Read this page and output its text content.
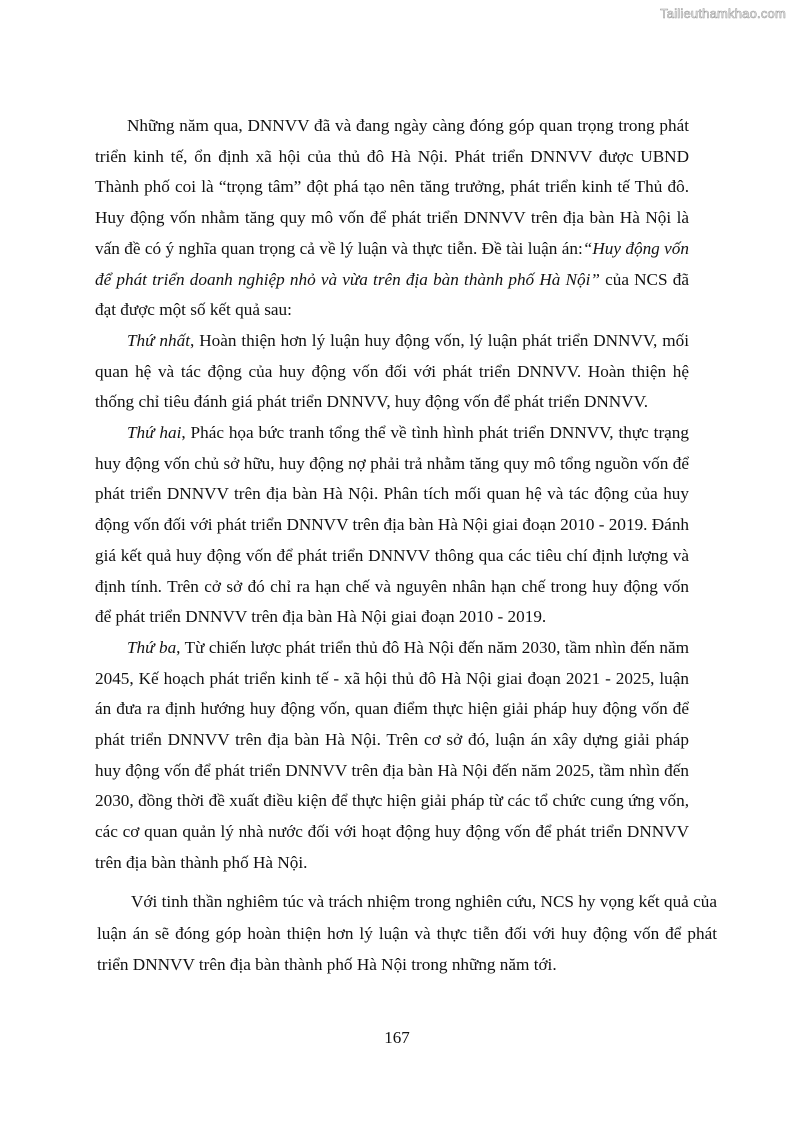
Tailieuthamkhao.com

Những năm qua, DNNVV đã và đang ngày càng đóng góp quan trọng trong phát triển kinh tế, ổn định xã hội của thủ đô Hà Nội. Phát triển DNNVV được UBND Thành phố coi là “trọng tâm” đột phá tạo nên tăng trưởng, phát triển kinh tế Thủ đô. Huy động vốn nhằm tăng quy mô vốn để phát triển DNNVV trên địa bàn Hà Nội là vấn đề có ý nghĩa quan trọng cả về lý luận và thực tiễn. Đề tài luận án:“Huy động vốn để phát triển doanh nghiệp nhỏ và vừa trên địa bàn thành phố Hà Nội” của NCS đã đạt được một số kết quả sau:

Thứ nhất, Hoàn thiện hơn lý luận huy động vốn, lý luận phát triển DNNVV, mối quan hệ và tác động của huy động vốn đối với phát triển DNNVV. Hoàn thiện hệ thống chỉ tiêu đánh giá phát triển DNNVV, huy động vốn để phát triển DNNVV.

Thứ hai, Phác họa bức tranh tổng thể về tình hình phát triển DNNVV, thực trạng huy động vốn chủ sở hữu, huy động nợ phải trả nhằm tăng quy mô tổng nguồn vốn để phát triển DNNVV trên địa bàn Hà Nội. Phân tích mối quan hệ và tác động của huy động vốn đối với phát triển DNNVV trên địa bàn Hà Nội giai đoạn 2010 - 2019. Đánh giá kết quả huy động vốn để phát triển DNNVV thông qua các tiêu chí định lượng và định tính. Trên cở sở đó chỉ ra hạn chế và nguyên nhân hạn chế trong huy động vốn để phát triển DNNVV trên địa bàn Hà Nội giai đoạn 2010 - 2019.

Thứ ba, Từ chiến lược phát triển thủ đô Hà Nội đến năm 2030, tầm nhìn đến năm 2045, Kế hoạch phát triển kinh tế - xã hội thủ đô Hà Nội giai đoạn 2021 - 2025, luận án đưa ra định hướng huy động vốn, quan điểm thực hiện giải pháp huy động vốn để phát triển DNNVV trên địa bàn Hà Nội. Trên cơ sở đó, luận án xây dựng giải pháp huy động vốn để phát triển DNNVV trên địa bàn Hà Nội đến năm 2025, tầm nhìn đến 2030, đồng thời đề xuất điều kiện để thực hiện giải pháp từ các tổ chức cung ứng vốn, các cơ quan quản lý nhà nước đối với hoạt động huy động vốn để phát triển DNNVV trên địa bàn thành phố Hà Nội.

Với tinh thần nghiêm túc và trách nhiệm trong nghiên cứu, NCS hy vọng kết quả của luận án sẽ đóng góp hoàn thiện hơn lý luận và thực tiễn đối với huy động vốn để phát triển DNNVV trên địa bàn thành phố Hà Nội trong những năm tới.

167
